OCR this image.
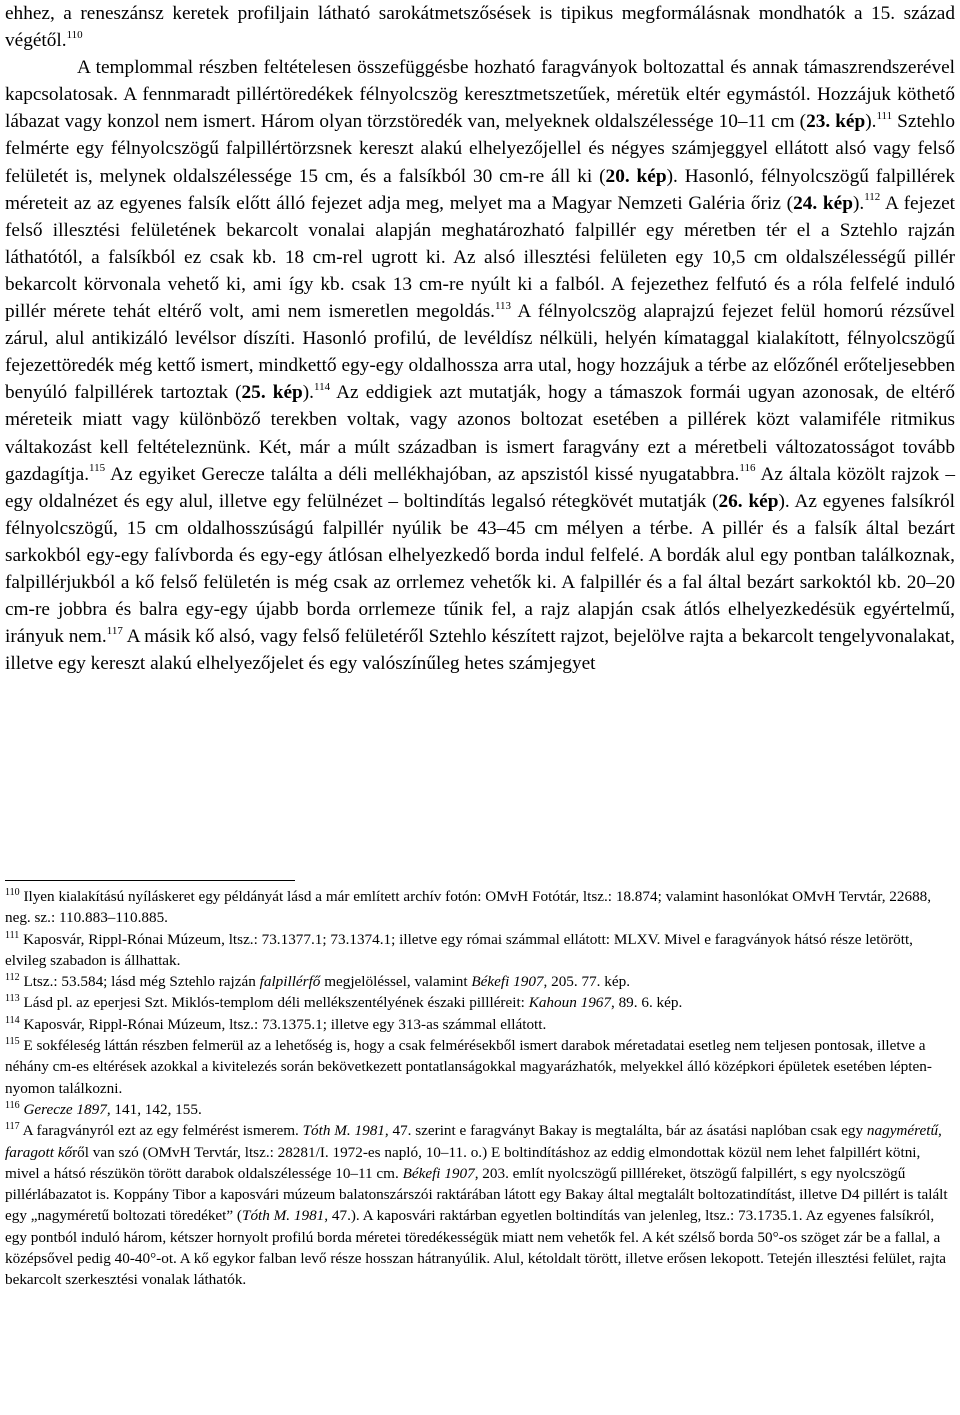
ehhez, a reneszánsz keretek profiljain látható sarokátmetszősések is tipikus megformálásnak mondhatók a 15. század végétől.$^{110}$

A templommal részben feltételesen összefüggésbe hozható faragványok boltozattal és annak támaszrendszerével kapcsolatosak. A fennmaradt pillértöredékek félnyolcszög keresztmetszetűek, méretük eltér egymástól. Hozzájuk köthető lábazat vagy konzol nem ismert. Három olyan törzstöredék van, melyeknek oldalszélessége 10–11 cm (23. kép).$^{111}$ Sztehlo felmérte egy félnyolcszögű falpillértörzsnek kereszt alakú elhelyezőjellel és négyes számjeggyel ellátott alsó vagy felső felületét is, melynek oldalszélessége 15 cm, és a falsíkból 30 cm-re áll ki (20. kép). Hasonló, félnyolcszögű falpillérek méreteit az az egyenes falsík előtt álló fejezet adja meg, melyet ma a Magyar Nemzeti Galéria őriz (24. kép).$^{112}$ A fejezet felső illesztési felületének bekarcolt vonalai alapján meghatározható falpillér egy méretben tér el a Sztehlo rajzán láthatótól, a falsíkból ez csak kb. 18 cm-rel ugrott ki. Az alsó illesztési felületen egy 10,5 cm oldalszélességű pillér bekarcolt körvonala vehető ki, ami így kb. csak 13 cm-re nyúlt ki a falból. A fejezethez felfutó és a róla felfelé induló pillér mérete tehát eltérő volt, ami nem ismeretlen megoldás.$^{113}$ A félnyolcszög alaprajzú fejezet felül homorú rézsűvel zárul, alul antikizáló levélsor díszíti. Hasonló profilú, de levéldísz nélküli, helyén kímataggal kialakított, félnyolcszögű fejezettöredék még kettő ismert, mindkettő egy-egy oldalhossza arra utal, hogy hozzájuk a térbe az előzőnél erőteljesebben benyúló falpillérek tartoztak (25. kép).$^{114}$ Az eddigiek azt mutatják, hogy a támaszok formái ugyan azonosak, de eltérő méreteik miatt vagy különböző terekben voltak, vagy azonos boltozat esetében a pillérek közt valamiféle ritmikus váltakozást kell feltételeznünk. Két, már a múlt században is ismert faragvány ezt a méretbeli változatosságot tovább gazdagítja.$^{115}$ Az egyiket Gerecze találta a déli mellékhajóban, az apszistól kissé nyugatabbra.$^{116}$ Az általa közölt rajzok – egy oldalnézet és egy alul, illetve egy felülnézet – boltindítás legalsó rétegkövét mutatják (26. kép). Az egyenes falsíkról félnyolcszögű, 15 cm oldalhosszúságú falpillér nyúlik be 43–45 cm mélyen a térbe. A pillér és a falsík által bezárt sarkokból egy-egy falívborda és egy-egy átlósan elhelyezkedő borda indul felfelé. A bordák alul egy pontban találkoznak, falpillérjukból a kő felső felületén is még csak az orrlemez vehetők ki. A falpillér és a fal által bezárt sarkoktól kb. 20–20 cm-re jobbra és balra egy-egy újabb borda orrlemeze tűnik fel, a rajz alapján csak átlós elhelyezkedésük egyértelmű, irányuk nem.$^{117}$ A másik kő alsó, vagy felső felületéről Sztehlo készített rajzot, bejelölve rajta a bekarcolt tengelyvonalakat, illetve egy kereszt alakú elhelyezőjelet és egy valószínűleg hetes számjegyet

$^{110}$ Ilyen kialakítású nyíláskeret egy példányát lásd a már említett archív fotón: OMvH Fotótár, ltsz.: 18.874; valamint hasonlókat OMvH Tervtár, 22688, neg. sz.: 110.883–110.885.

$^{111}$ Kaposvár, Rippl-Rónai Múzeum, ltsz.: 73.1377.1; 73.1374.1; illetve egy római számmal ellátott: MLXV. Mivel e faragványok hátsó része letörött, elvileg szabadon is állhattak.

$^{112}$ Ltsz.: 53.584; lásd még Sztehlo rajzán falpillérfő megjelöléssel, valamint Békefi 1907, 205. 77. kép.

$^{113}$ Lásd pl. az eperjesi Szt. Miklós-templom déli mellékszentélyének északi pillléreit: Kahoun 1967, 89. 6. kép.

$^{114}$ Kaposvár, Rippl-Rónai Múzeum, ltsz.: 73.1375.1; illetve egy 313-as számmal ellátott.

$^{115}$ E sokféleség láttán részben felmerül az a lehetőség is, hogy a csak felmérésekből ismert darabok méretadatai esetleg nem teljesen pontosak, illetve a néhány cm-es eltérések azokkal a kivitelezés során bekövetkezett pontatlanságokkal magyarázhatók, melyekkel álló középkori épületek esetében lépten-nyomon találkozni.

$^{116}$ Gerecze 1897, 141, 142, 155.

$^{117}$ A faragványról ezt az egy felmérést ismerem. Tóth M. 1981, 47. szerint e faragványt Bakay is megtalálta, bár az ásatási naplóban csak egy nagyméretű, faragott kőről van szó (OMvH Tervtár, ltsz.: 28281/I. 1972-es napló, 10–11. o.) E boltindításhoz az eddig elmondottak közül nem lehet falpillért kötni, mivel a hátsó részükön törött darabok oldalszélessége 10–11 cm. Békefi 1907, 203. említ nyolcszögű pillléreket, ötszögű falpillért, s egy nyolcszögű pillérlábazatot is. Koppány Tibor a kaposvári múzeum balatonszárszói raktárában látott egy Bakay által megtalált boltozatindítást, illetve D4 pillért is talált egy „nagyméretű boltozati töredéket” (Tóth M. 1981, 47.). A kaposvári raktárban egyetlen boltindítás van jelenleg, ltsz.: 73.1735.1. Az egyenes falsíkról, egy pontból induló három, kétszer hornyolt profilú borda méretei töredékességük miatt nem vehetők fel. A két szélső borda 50°-os szöget zár be a fallal, a középsővel pedig 40-40°-ot. A kő egykor falban levő része hosszan hátranyúlik. Alul, kétoldalt törött, illetve erősen lekopott. Tetején illesztési felület, rajta bekarcolt szerkesztési vonalak láthatók.
